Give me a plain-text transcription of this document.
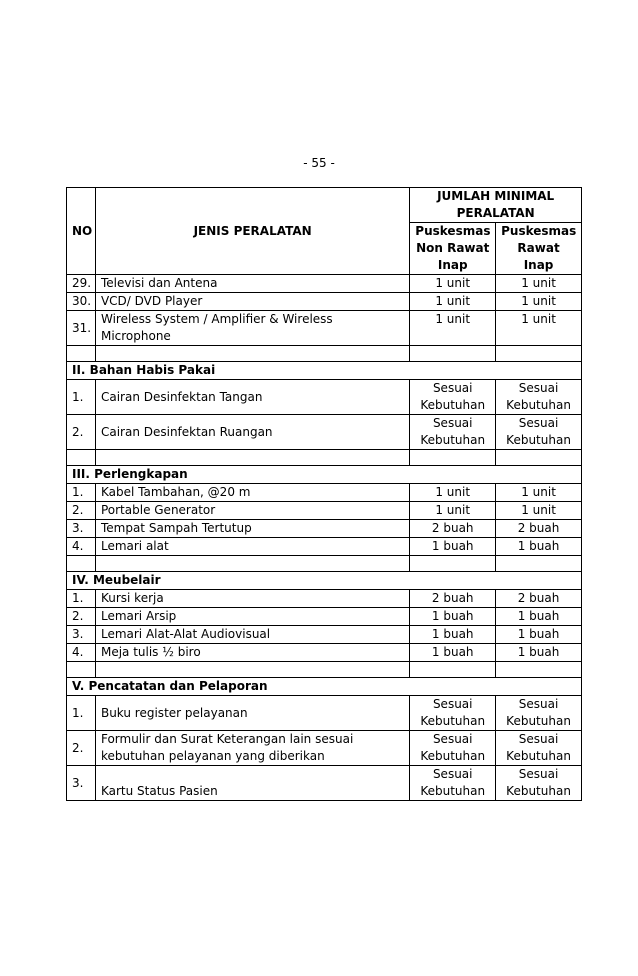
- 55 -
NO	JENIS PERALATAN	JUMLAH MINIMAL PERALATAN	
		Puskesmas Non Rawat Inap	Puskesmas Rawat Inap
29.	Televisi dan Antena	1 unit	1 unit
30.	VCD/ DVD Player	1 unit	1 unit
31.	Wireless System / Amplifier & Wireless Microphone	1 unit	1 unit

II. Bahan Habis Pakai			
1.	Cairan Desinfektan Tangan	Sesuai Kebutuhan	Sesuai Kebutuhan
2.	Cairan Desinfektan Ruangan	Sesuai Kebutuhan	Sesuai Kebutuhan

III. Perlengkapan			
1.	Kabel Tambahan, @20 m	1 unit	1 unit
2.	Portable Generator	1 unit	1 unit
3.	Tempat Sampah Tertutup	2 buah	2 buah
4.	Lemari alat	1 buah	1 buah

IV. Meubelair			
1.	Kursi kerja	2 buah	2 buah
2.	Lemari Arsip	1 buah	1 buah
3.	Lemari Alat-Alat Audiovisual	1 buah	1 buah
4.	Meja tulis ½ biro	1 buah	1 buah

V. Pencatatan dan Pelaporan			
1.	Buku register pelayanan	Sesuai Kebutuhan	Sesuai Kebutuhan
2.	Formulir dan Surat Keterangan lain sesuai kebutuhan pelayanan yang diberikan	Sesuai Kebutuhan	Sesuai Kebutuhan
3.	Kartu Status Pasien	Sesuai Kebutuhan	Sesuai Kebutuhan
